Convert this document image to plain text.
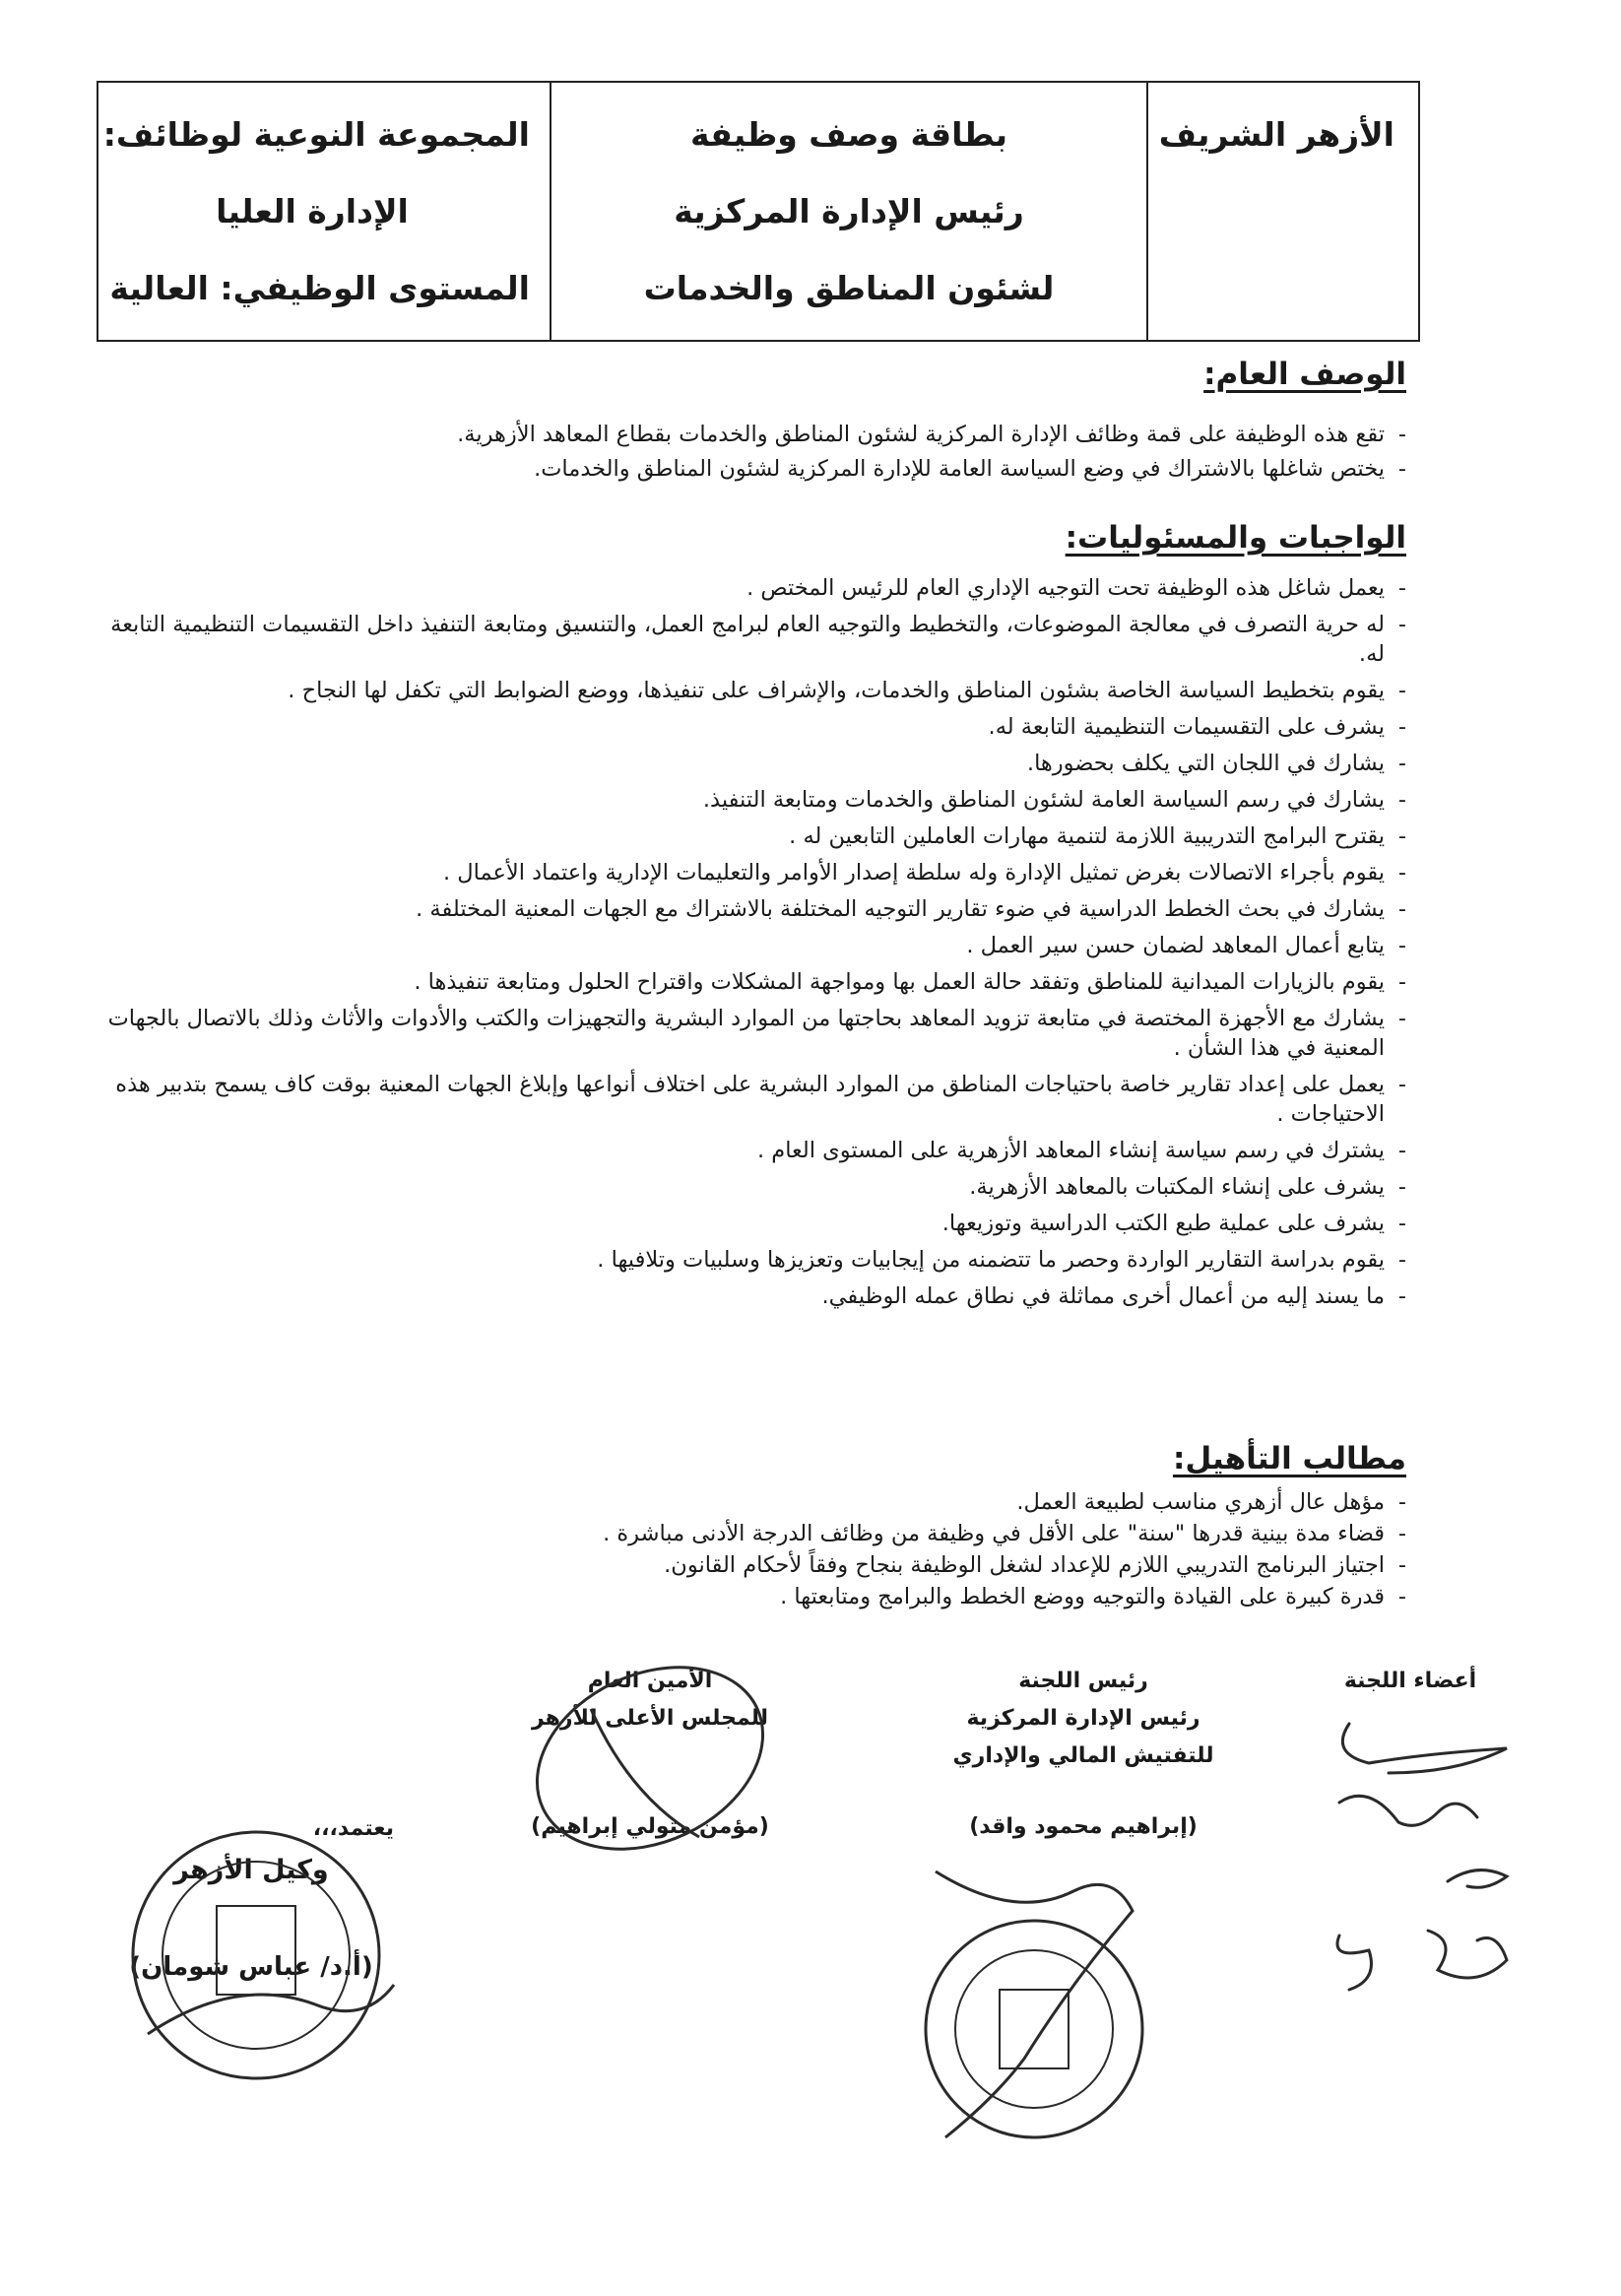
الأزهر الشريف
بطاقة وصف وظيفة
رئيس الإدارة المركزية
لشئون المناطق والخدمات
المجموعة النوعية لوظائف:
الإدارة العليا
المستوى الوظيفي: العالية
الوصف العام:
- تقع هذه الوظيفة على قمة وظائف الإدارة المركزية لشئون المناطق والخدمات بقطاع المعاهد الأزهرية.
- يختص شاغلها بالاشتراك في وضع السياسة العامة للإدارة المركزية لشئون المناطق والخدمات.
الواجبات والمسئوليات:
- يعمل شاغل هذه الوظيفة تحت التوجيه الإداري العام للرئيس المختص .
- له حرية التصرف في معالجة الموضوعات، والتخطيط والتوجيه العام لبرامج العمل، والتنسيق ومتابعة التنفيذ داخل التقسيمات التنظيمية التابعة له.
- يقوم بتخطيط السياسة الخاصة بشئون المناطق والخدمات، والإشراف على تنفيذها، ووضع الضوابط التي تكفل لها النجاح .
- يشرف على التقسيمات التنظيمية التابعة له.
- يشارك في اللجان التي يكلف بحضورها.
- يشارك في رسم السياسة العامة لشئون المناطق والخدمات ومتابعة التنفيذ.
- يقترح البرامج التدريبية اللازمة لتنمية مهارات العاملين التابعين له .
- يقوم بأجراء الاتصالات بغرض تمثيل الإدارة وله سلطة إصدار الأوامر والتعليمات الإدارية واعتماد الأعمال .
- يشارك في بحث الخطط الدراسية في ضوء تقارير التوجيه المختلفة بالاشتراك مع الجهات المعنية المختلفة .
- يتابع أعمال المعاهد لضمان حسن سير العمل .
- يقوم بالزيارات الميدانية للمناطق وتفقد حالة العمل بها ومواجهة المشكلات واقتراح الحلول ومتابعة تنفيذها .
- يشارك مع الأجهزة المختصة في متابعة تزويد المعاهد بحاجتها من الموارد البشرية والتجهيزات والكتب والأدوات والأثاث وذلك بالاتصال بالجهات المعنية في هذا الشأن .
- يعمل على إعداد تقارير خاصة باحتياجات المناطق من الموارد البشرية على اختلاف أنواعها وإبلاغ الجهات المعنية بوقت كاف يسمح بتدبير هذه الاحتياجات .
- يشترك في رسم سياسة إنشاء المعاهد الأزهرية على المستوى العام .
- يشرف على إنشاء المكتبات بالمعاهد الأزهرية.
- يشرف على عملية طبع الكتب الدراسية وتوزيعها.
- يقوم بدراسة التقارير الواردة وحصر ما تتضمنه من إيجابيات وتعزيزها وسلبيات وتلافيها .
- ما يسند إليه من أعمال أخرى مماثلة في نطاق عمله الوظيفي.
مطالب التأهيل:
- مؤهل عال أزهري مناسب لطبيعة العمل.
- قضاء مدة بينية قدرها "سنة" على الأقل في وظيفة من وظائف الدرجة الأدنى مباشرة .
- اجتياز البرنامج التدريبي اللازم للإعداد لشغل الوظيفة بنجاح وفقاً لأحكام القانون.
- قدرة كبيرة على القيادة والتوجيه ووضع الخطط والبرامج ومتابعتها .
أعضاء اللجنة
رئيس اللجنة
رئيس الإدارة المركزية
للتفتيش المالي والإداري
(إبراهيم محمود واقد)
الأمين العام
للمجلس الأعلى للأزهر
(مؤمن متولي إبراهيم)
يعتمد،،،
وكيل الأزهر
(أ.د/ عباس شومان)
